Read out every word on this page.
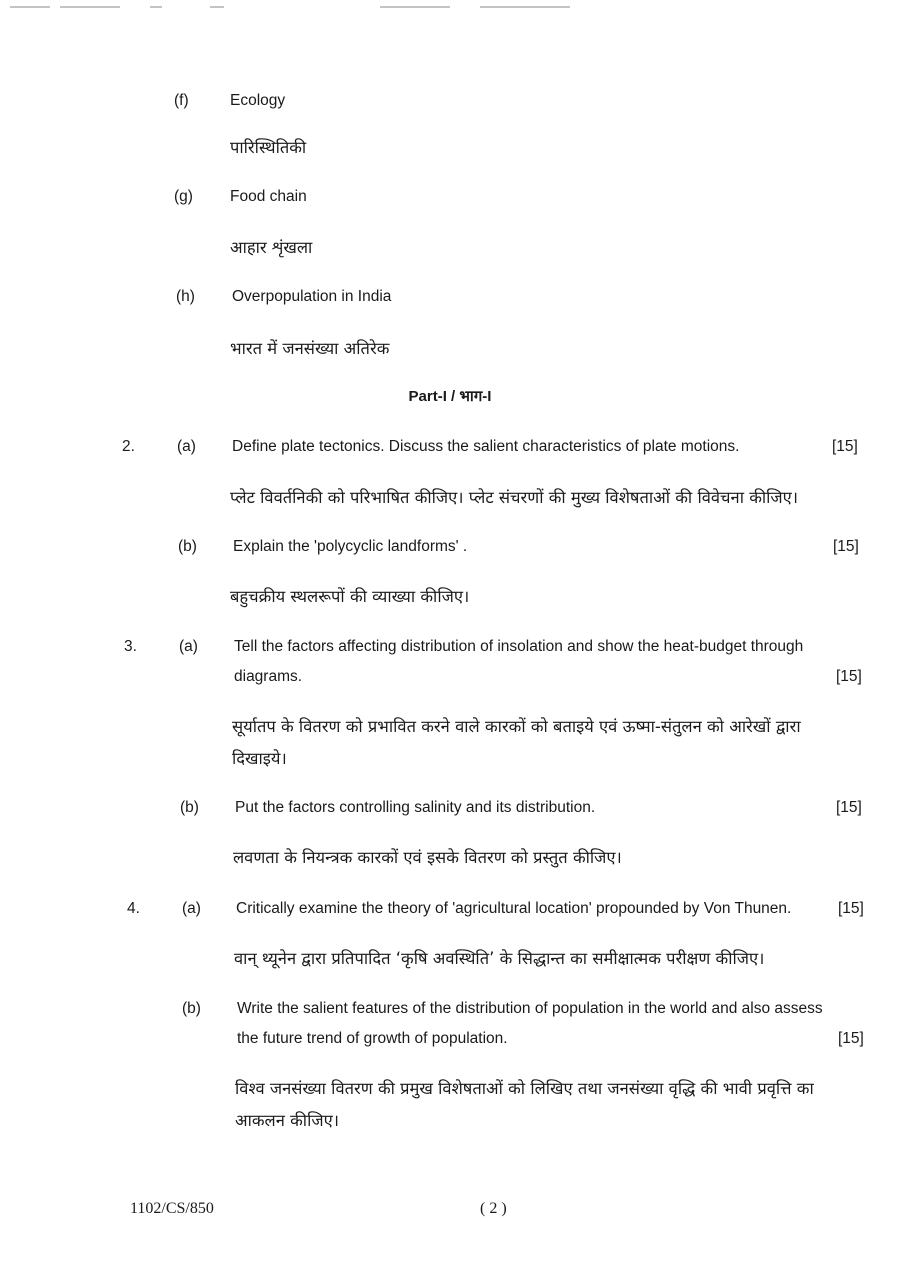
(f)	Ecology
पारिस्थितिकी
(g) Food chain
आहार शृंखला
(h) Overpopulation in India
भारत में जनसंख्या अतिरेक
Part-I / भाग-I
2.	(a) Define plate tectonics. Discuss the salient characteristics of plate motions.	[15]
प्लेट विवर्तनिकी को परिभाषित कीजिए। प्लेट संचरणों की मुख्य विशेषताओं की विवेचना कीजिए।
(b) Explain the 'polycyclic landforms' .	[15]
बहुचक्रीय स्थलरूपों की व्याख्या कीजिए।
3.	(a) Tell the factors affecting distribution of insolation and show the heat-budget through
diagrams.	[15]
सूर्यातप के वितरण को प्रभावित करने वाले कारकों को बताइये एवं ऊष्मा-संतुलन को आरेखों द्वारा
दिखाइये।
(b) Put the factors controlling salinity and its distribution.	[15]
लवणता के नियन्त्रक कारकों एवं इसके वितरण को प्रस्तुत कीजिए।
4.	(a) Critically examine the theory of 'agricultural location' propounded by Von Thunen.	[15]
वान् थ्यूनेन द्वारा प्रतिपादित ‘कृषि अवस्थिति’ के सिद्धान्त का समीक्षात्मक परीक्षण कीजिए।
(b) Write the salient features of the distribution of population in the world and also assess
the future trend of growth of population.	[15]
विश्व जनसंख्या वितरण की प्रमुख विशेषताओं को लिखिए तथा जनसंख्या वृद्धि की भावी प्रवृत्ति का
आकलन कीजिए।
1102/CS/850	( 2 )
